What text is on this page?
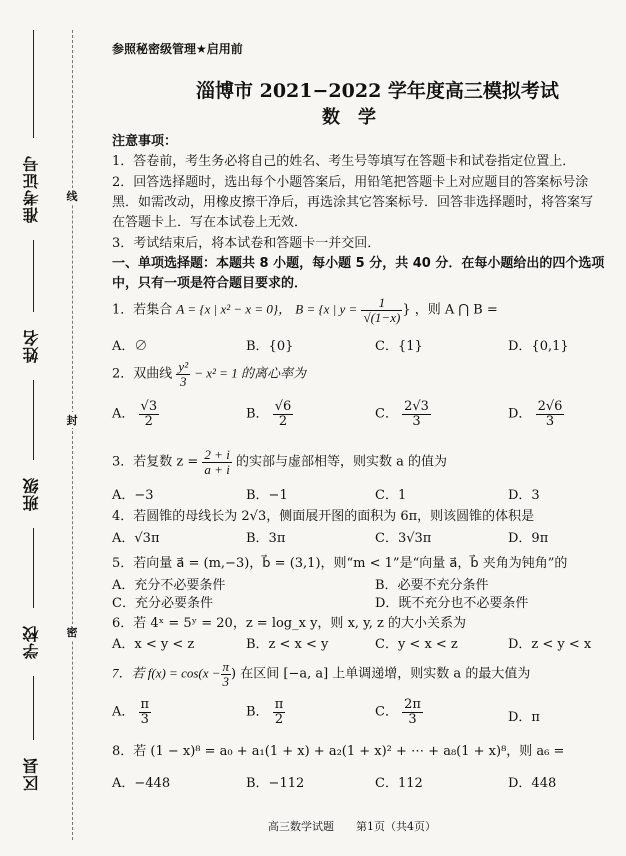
准考证号
姓名
班级
学校
区县
线
封
密
参照秘密级管理★启用前
淄博市 2021−2022 学年度高三模拟考试
数　学
注意事项：
1．答卷前，考生务必将自己的姓名、考生号等填写在答题卡和试卷指定位置上．
2．回答选择题时，选出每个小题答案后，用铅笔把答题卡上对应题目的答案标号涂
黑．如需改动，用橡皮擦干净后，再选涂其它答案标号．回答非选择题时，将答案写
在答题卡上．写在本试卷上无效．
3．考试结束后，将本试卷和答题卡一并交回．
一、单项选择题：本题共 8 小题，每小题 5 分，共 40 分．在每小题给出的四个选项
中，只有一项是符合题目要求的．
1．若集合 A = {x | x² − x = 0}， B = {x | $y = \frac{1}{√(1-x)}$ } ，则 A ⋂ B =
A．∅	B．{0}	C．{1}	D．{0,1}
2．双曲线 $\frac{\text{y²}}{3} - x^2 = 1$ 的离心率为
A． $\frac{√3}{2}$	B． $\frac{√6}{2}$	C． $\frac{2√3}{3}$	D． $\frac{2√6}{3}$
3．若复数 $z = \frac{2 + i}{a + i}$ 的实部与虚部相等，则实数 a 的值为
A．−3	B．−1	C．1	D．3
4．若圆锥的母线长为 2√3，侧面展开图的面积为 6π，则该圆锥的体积是
A．√3π	B．3π	C．3√3π	D．9π
5．若向量 a⃗ = (m,−3)，b⃗ = (3,1)，则“m < 1”是“向量 a⃗，b⃗ 夹角为钝角”的
A．充分不必要条件	B．必要不充分条件
C．充分必要条件	D．既不充分也不必要条件
6．若 4ˣ = 5ʸ = 20，z = log_x y，则 x, y, z 的大小关系为
A．x < y < z	B．z < x < y	C．y < x < z	D．z < y < x
7．若 $f(x) = \cos(x - \frac{\pi}{3}$ ) 在区间 [−a, a] 上单调递增，则实数 a 的最大值为
A． $\frac{\pi}{3}$	B． $\frac{\pi}{2}$	C． $\frac{2\pi}{3}$	D．π
8．若 (1 − x)⁸ = a₀ + a₁(1 + x) + a₂(1 + x)² + ⋯ + a₈(1 + x)⁸，则 a₆ =
A．−448	B．−112	C．112	D．448
高三数学试题　　第1页（共4页）
